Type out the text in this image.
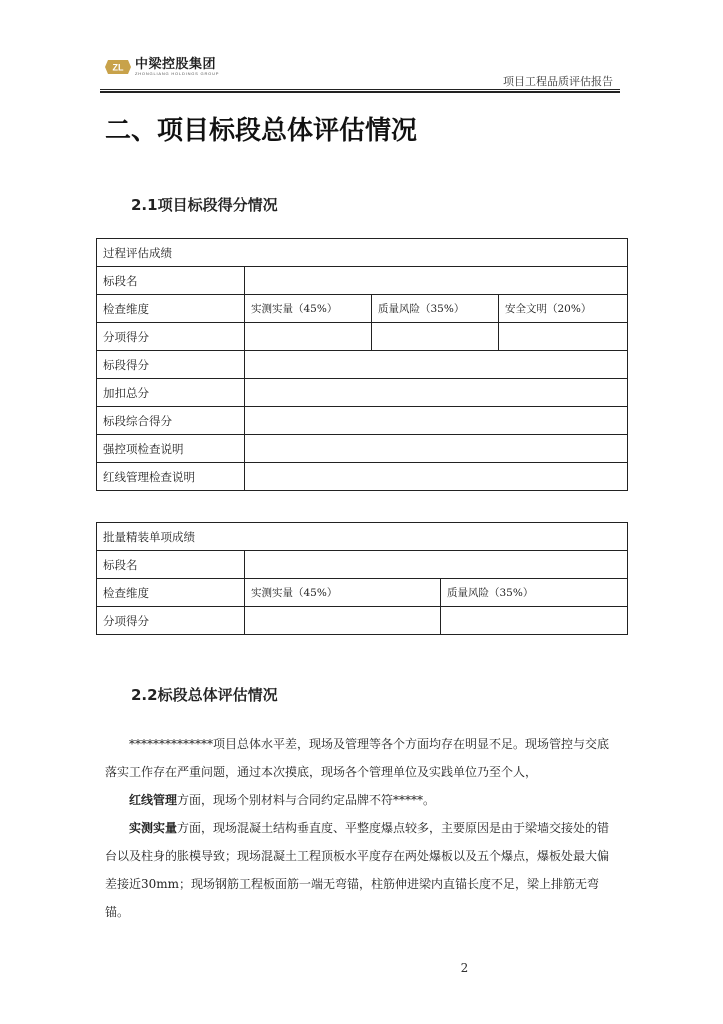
ZL 中梁控股集团
ZHONGLIANG HOLDINGS GROUP
项目工程品质评估报告
二、项目标段总体评估情况
2.1项目标段得分情况
过程评估成绩			
标段名			
检查维度	实测实量（45%）	质量风险（35%）	安全文明（20%）
分项得分			
标段得分			
加扣总分			
标段综合得分			
强控项检查说明			
红线管理检查说明			
批量精装单项成绩		
标段名		
检查维度	实测实量（45%）	质量风险（35%）
分项得分		
2.2标段总体评估情况
**************项目总体水平差，现场及管理等各个方面均存在明显不足。现场管控与交底落实工作存在严重问题，通过本次摸底，现场各个管理单位及实践单位乃至个人，
红线管理方面，现场个别材料与合同约定品牌不符*****。
实测实量方面，现场混凝土结构垂直度、平整度爆点较多，主要原因是由于梁墙交接处的错台以及柱身的胀模导致；现场混凝土工程顶板水平度存在两处爆板以及五个爆点，爆板处最大偏差接近30mm；现场钢筋工程板面筋一端无弯锚，柱筋伸进梁内直锚长度不足，梁上排筋无弯锚。
2
